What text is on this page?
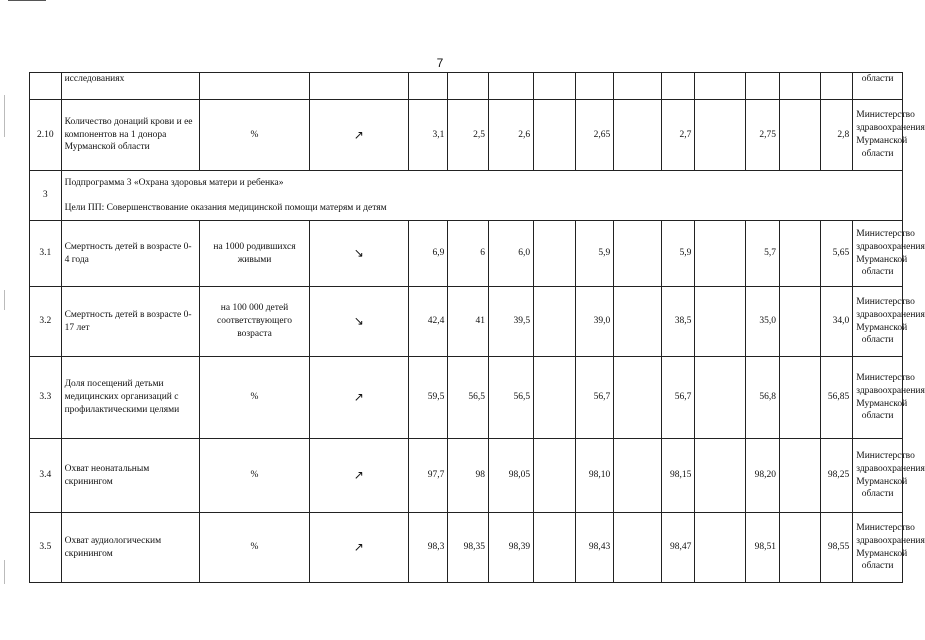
7
	исследованиях														области
2.10	Количество донаций крови и ее компонентов на 1 донора Мурманской области	%	↗	3,1	2,5	2,6		2,65		2,7		2,75		2,8	Министерство здравоохранения Мурманской области
3	Подпрограмма 3 «Охрана здоровья матери и ребенка»
Цели ПП: Совершенствование оказания медицинской помощи матерям и детям														

3.1	Смертность детей в возрасте 0-4 года	на 1000 родившихся живыми	↘	6,9	6	6,0		5,9		5,9		5,7		5,65	Министерство здравоохранения Мурманской области
3.2	Смертность детей в возрасте 0-17 лет	на 100 000 детей соответствующего возраста	↘	42,4	41	39,5		39,0		38,5		35,0		34,0	Министерство здравоохранения Мурманской области
3.3	Доля посещений детьми медицинских организаций с профилактическими целями	%	↗	59,5	56,5	56,5		56,7		56,7		56,8		56,85	Министерство здравоохранения Мурманской области
3.4	Охват неонатальным скринингом	%	↗	97,7	98	98,05		98,10		98,15		98,20		98,25	Министерство здравоохранения Мурманской области
3.5	Охват аудиологическим скринингом	%	↗	98,3	98,35	98,39		98,43		98,47		98,51		98,55	Министерство здравоохранения Мурманской области
